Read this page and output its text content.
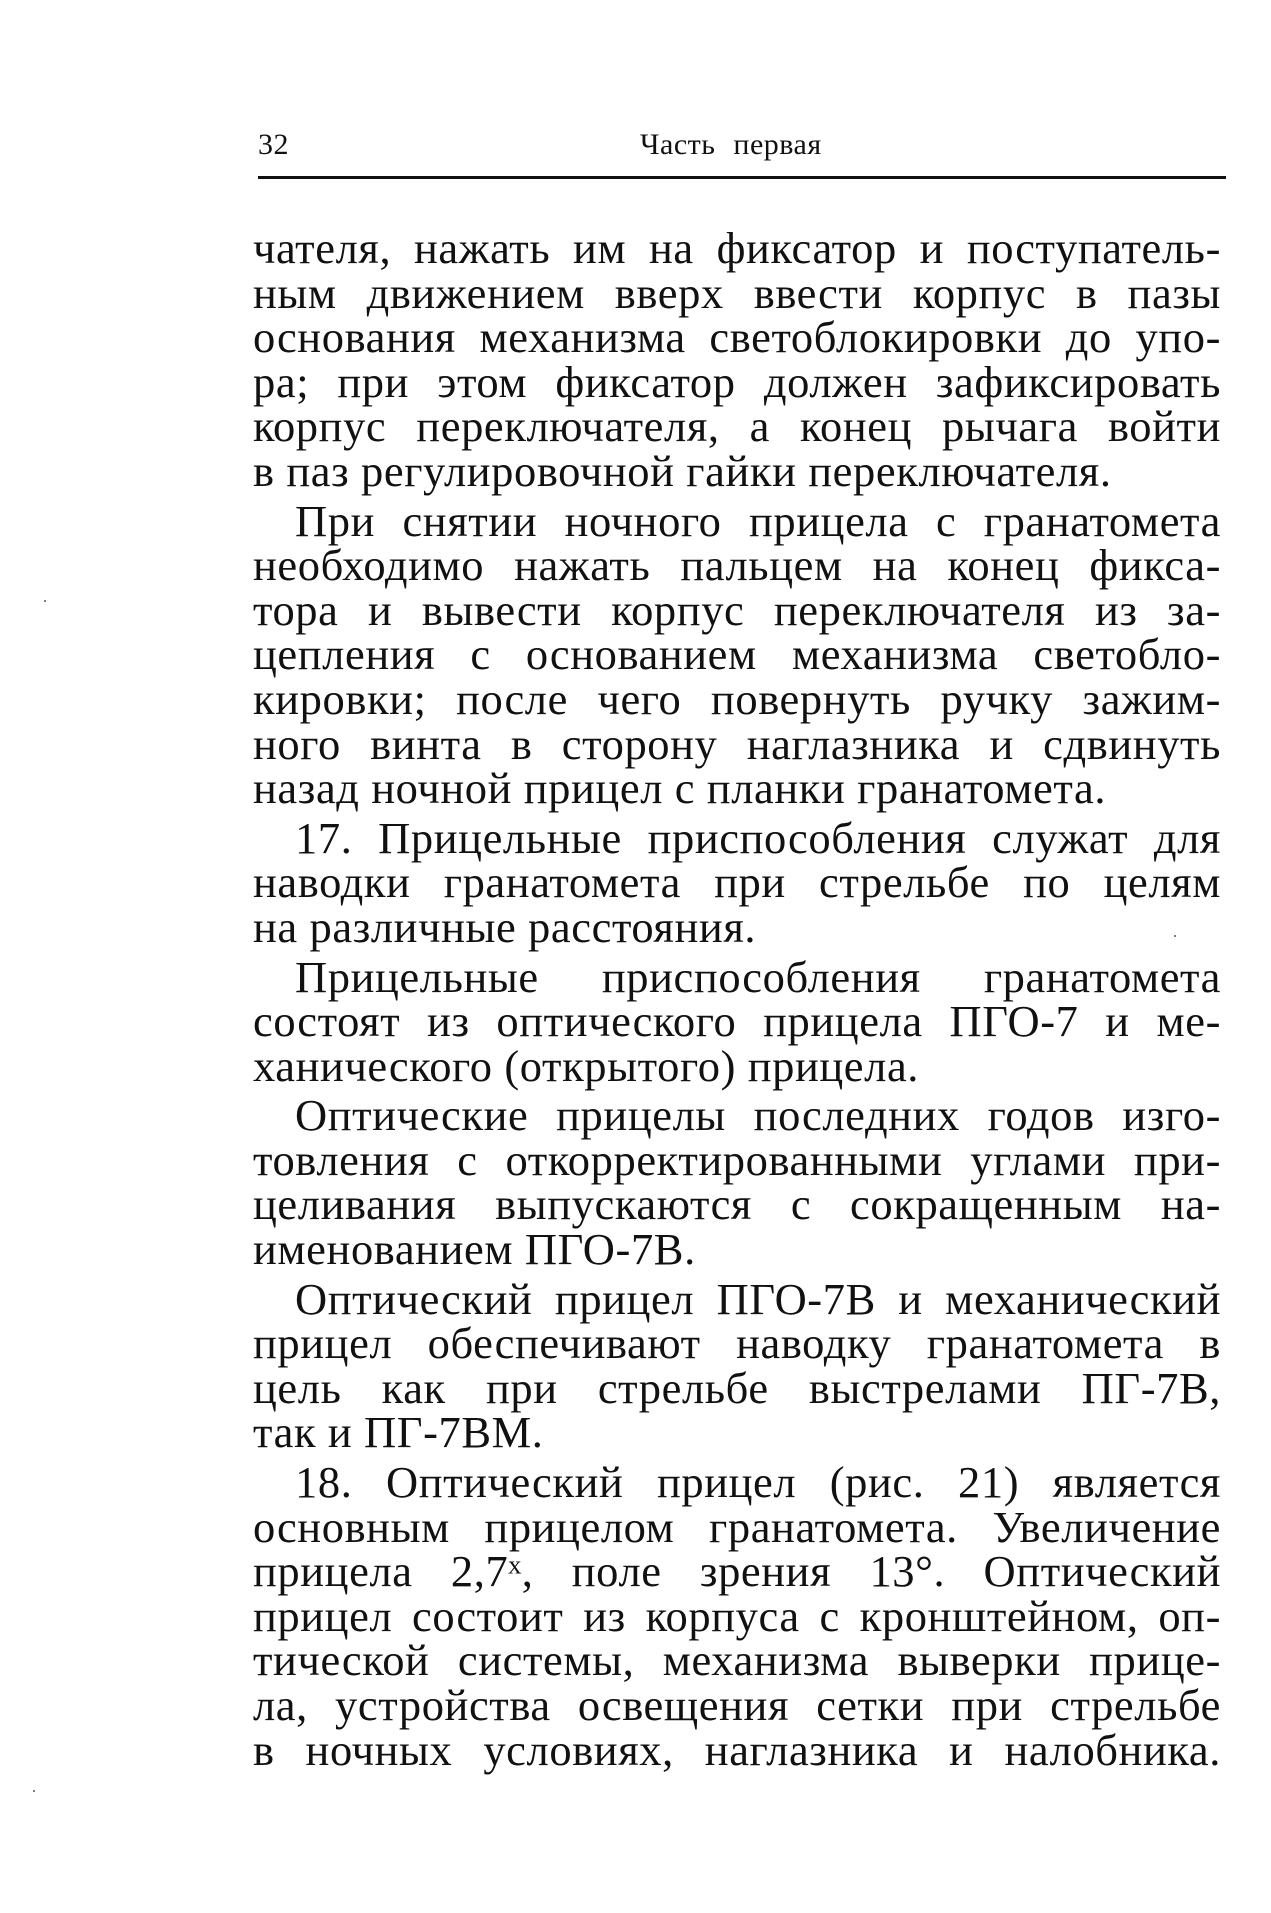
32	Часть первая

чателя, нажать им на фиксатор и поступатель-
ным движением вверх ввести корпус в пазы
основания механизма светоблокировки до упо-
ра; при этом фиксатор должен зафиксировать
корпус переключателя, а конец рычага войти
в паз регулировочной гайки переключателя.

При снятии ночного прицела с гранатомета
необходимо нажать пальцем на конец фикса-
тора и вывести корпус переключателя из за-
цепления с основанием механизма светобло-
кировки; после чего повернуть ручку зажим-
ного винта в сторону наглазника и сдвинуть
назад ночной прицел с планки гранатомета.

17. Прицельные приспособления служат для
наводки гранатомета при стрельбе по целям
на различные расстояния.

Прицельные приспособления гранатомета
состоят из оптического прицела ПГО-7 и ме-
ханического (открытого) прицела.

Оптические прицелы последних годов изго-
товления с откорректированными углами при-
целивания выпускаются с сокращенным на-
именованием ПГО-7В.

Оптический прицел ПГО-7В и механический
прицел обеспечивают наводку гранатомета в
цель как при стрельбе выстрелами ПГ-7В,
так и ПГ-7ВМ.

18. Оптический прицел (рис. 21) является
основным прицелом гранатомета. Увеличение
прицела 2,7ˣ, поле зрения 13°. Оптический
прицел состоит из корпуса с кронштейном, оп-
тической системы, механизма выверки прице-
ла, устройства освещения сетки при стрельбе
в ночных условиях, наглазника и налобника.
